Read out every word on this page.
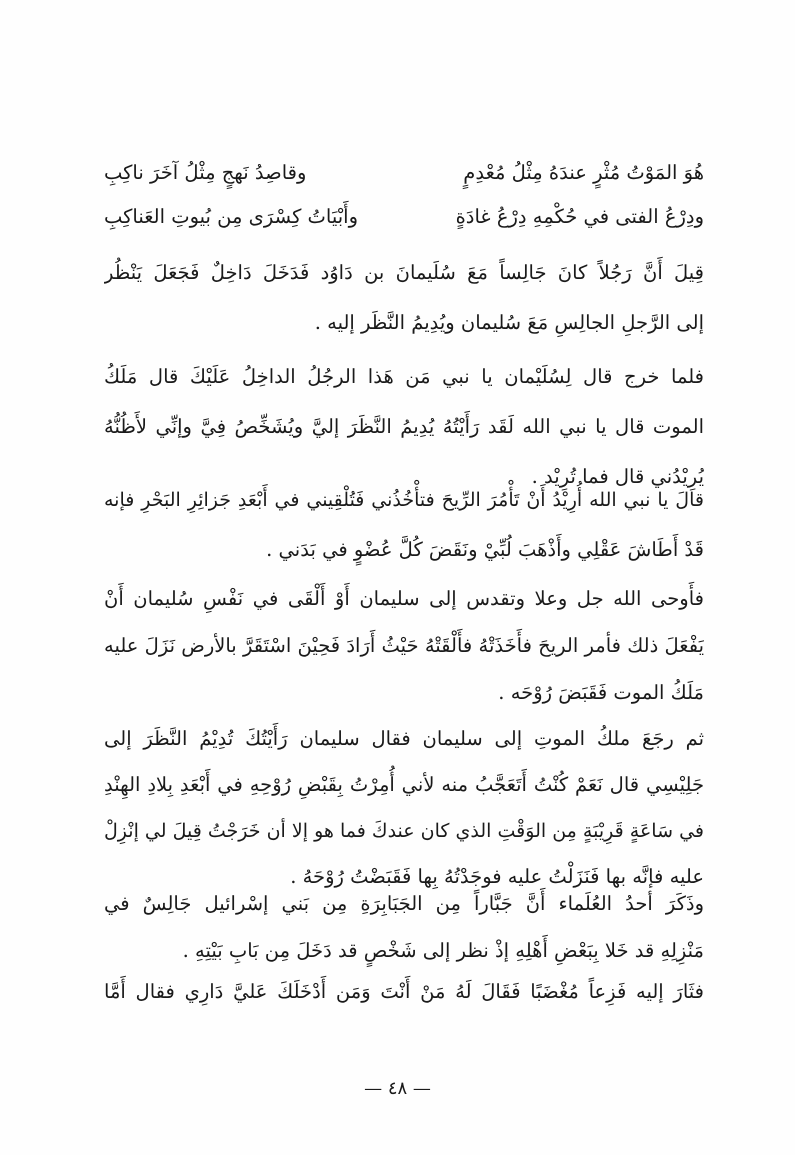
هُوَ المَوْتُ مُثْرٍ عندَهُ مِثْلُ مُعْدِمٍ
وقاصِدُ نَهجٍ مِثْلُ آخَرَ ناكِبِ
ودِرْعُ الفتى في حُكْمِهِ دِرْعُ غادَةٍ
وأَبْيَاتُ كِسْرَى مِن بُيوتِ العَناكِبِ
قِيلَ أَنَّ رَجُلاً كانَ جَالِساً مَعَ سُلَيمانَ بن دَاوُد فَدَخَلَ دَاخِلٌ فَجَعَلَ يَنْظُر
إلى الرَّجلِ الجالِسِ مَعَ سُليمان ويُدِيمُ النَّظَر إليه .
فلما خرج قال لِسُلَيْمان يا نبي مَن هَذا الرجُلُ الداخِلُ عَلَيْكَ قال مَلَكُ
الموت قال يا نبي الله لَقَد رَأَيْتُهُ يُدِيمُ النَّظَرَ إليَّ ويُشَخِّصُ فِيَّ وإنِّي لأَظُنُّهُ
يُرِيْدُني قال فما تُرِيْد .
قالَ يا نبي الله أُرِيْدُ أَنْ تَأْمُرَ الرِّيحَ فتأْخُذُني فَتُلْقِيني في أَبْعَدِ جَزائِرِ البَحْرِ فإنه
قَدْ أَطَاشَ عَقْلِي وأَذْهَبَ لُبِّيْ ونَقَضَ كُلَّ عُضْوٍ في بَدَني .
فأَوحى الله جل وعلا وتقدس إلى سليمان أَوْ أَلْقَى في نَفْسِ سُليمان أَنْ
يَفْعَلَ ذلك فأمر الريحَ فأَخَذَتْهُ فأَلْقَتْهُ حَيْثُ أَرَادَ فَحِيْنَ اسْتَقَرَّ بالأرض نَزَلَ عليه
مَلَكُ الموت فَقَبَضَ رُوْحَه .
ثم رجَعَ ملكُ الموتِ إلى سليمان فقال سليمان رَأَيْتُكَ تُدِيْمُ النَّظَرَ إلى
جَلِيْسِي قال نَعَمْ كُنْتُ أَتَعَجَّبُ منه لأني أُمِرْتُ بِقَبْضِ رُوْحِهِ في أَبْعَدِ بِلادِ الهِنْدِ
في سَاعَةٍ قَرِيْبَةٍ مِن الوَقْتِ الذي كان عندكَ فما هو إلا أن خَرَجْتُ قِيلَ لي إنْزِلْ
عليه فإنَّه بها فَنَزَلْتُ عليه فوجَدْتُهُ بِها فَقَبَضْتُ رُوْحَهُ .
وذَكَرَ أحدُ العُلَماء أَنَّ جَبَّاراً مِن الجَبَابِرَةِ مِن بَني إسْرائيل جَالِسٌ في
مَنْزِلِهِ قد خَلا بِبَعْضِ أَهْلِهِ إذْ نظر إلى شَخْصٍ قد دَخَلَ مِن بَابِ بَيْتِهِ .
فثَارَ إليه فَزِعاً مُغْضَبًا فَقَالَ لَهُ مَنْ أَنْتَ وَمَن أَدْخَلَكَ عَليَّ دَارِي فقال أَمَّا
— ٤٨ —
